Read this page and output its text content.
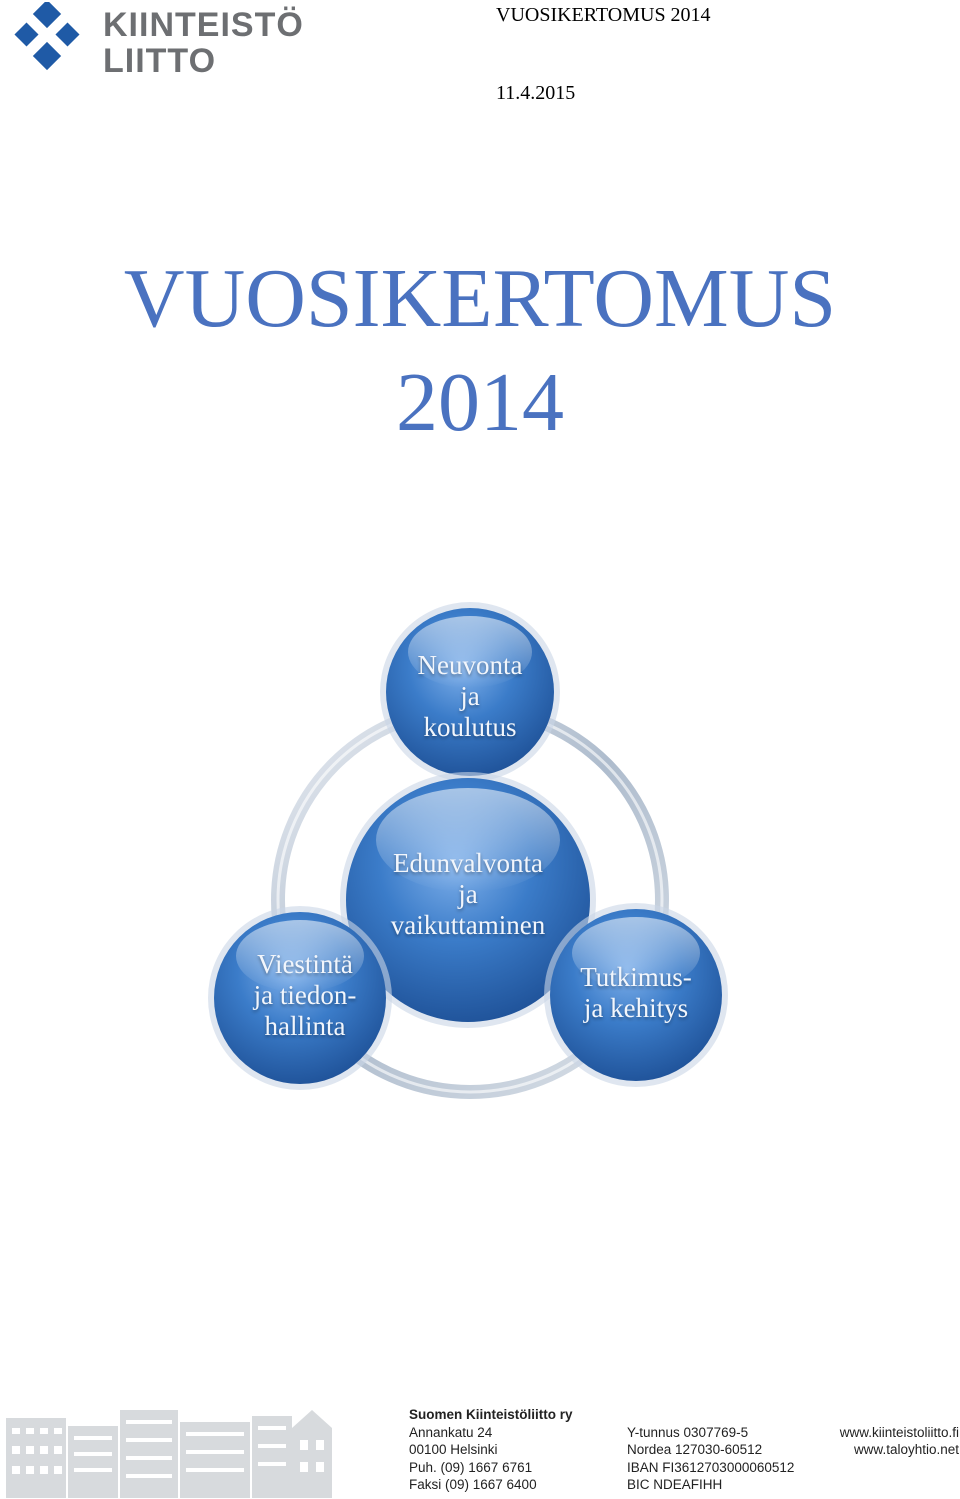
KIINTEISTÖ
LIITTO
VUOSIKERTOMUS 2014
11.4.2015
VUOSIKERTOMUS
2014
Neuvonta
ja
koulutus
Edunvalvonta
ja
vaikuttaminen
Viestintä
ja tiedon-
hallinta
Tutkimus-
ja kehitys
Suomen Kiinteistöliitto ry
Annankatu 24
00100 Helsinki
Puh. (09) 1667 6761
Faksi (09) 1667 6400
Y-tunnus 0307769-5
Nordea 127030-60512
IBAN FI3612703000060512
BIC NDEAFIHH
www.kiinteistoliitto.fi
www.taloyhtio.net
